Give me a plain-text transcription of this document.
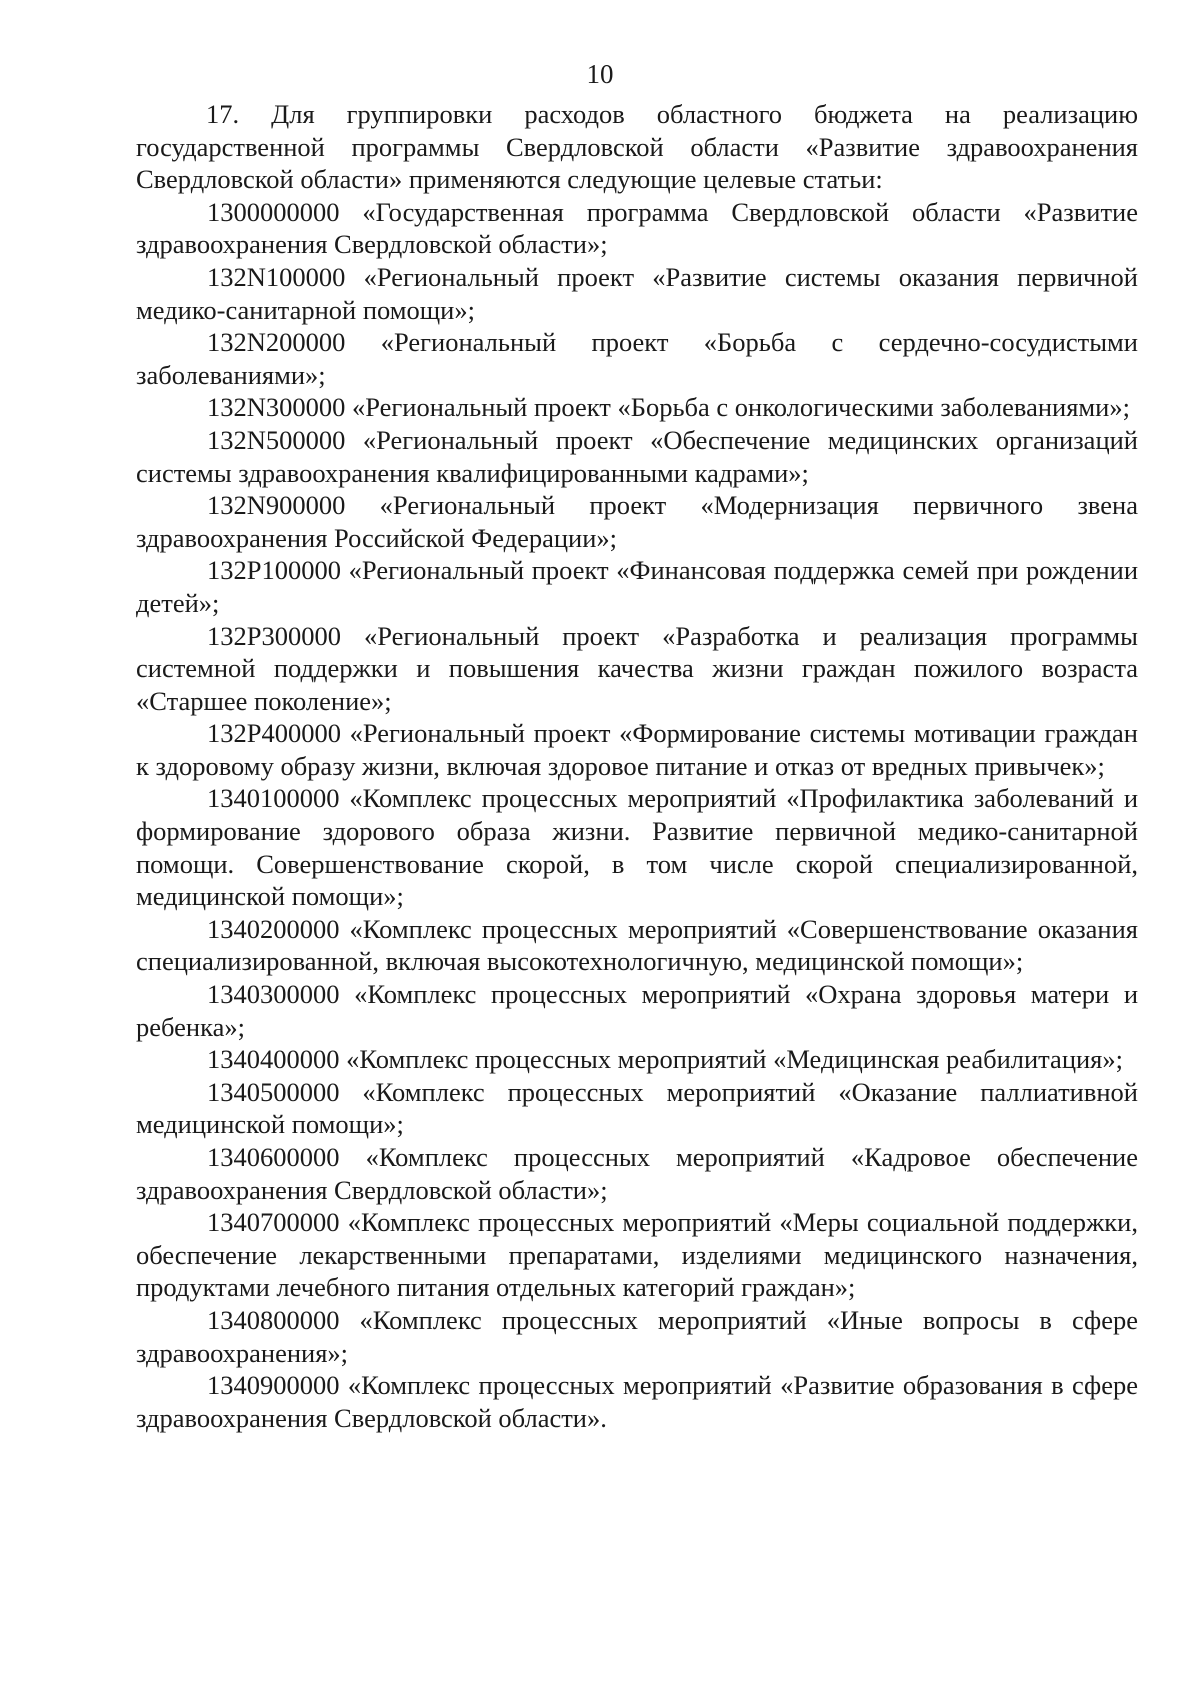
10

17. Для группировки расходов областного бюджета на реализацию государственной программы Свердловской области «Развитие здравоохранения Свердловской области» применяются следующие целевые статьи:

1300000000 «Государственная программа Свердловской области «Развитие здравоохранения Свердловской области»;

132N100000 «Региональный проект «Развитие системы оказания первичной медико-санитарной помощи»;

132N200000 «Региональный проект «Борьба с сердечно-сосудистыми заболеваниями»;

132N300000 «Региональный проект «Борьба с онкологическими заболеваниями»;

132N500000 «Региональный проект «Обеспечение медицинских организаций системы здравоохранения квалифицированными кадрами»;

132N900000 «Региональный проект «Модернизация первичного звена здравоохранения Российской Федерации»;

132P100000 «Региональный проект «Финансовая поддержка семей при рождении детей»;

132P300000 «Региональный проект «Разработка и реализация программы системной поддержки и повышения качества жизни граждан пожилого возраста «Старшее поколение»;

132P400000 «Региональный проект «Формирование системы мотивации граждан к здоровому образу жизни, включая здоровое питание и отказ от вредных привычек»;

1340100000 «Комплекс процессных мероприятий «Профилактика заболеваний и формирование здорового образа жизни. Развитие первичной медико-санитарной помощи. Совершенствование скорой, в том числе скорой специализированной, медицинской помощи»;

1340200000 «Комплекс процессных мероприятий «Совершенствование оказания специализированной, включая высокотехнологичную, медицинской помощи»;

1340300000 «Комплекс процессных мероприятий «Охрана здоровья матери и ребенка»;

1340400000 «Комплекс процессных мероприятий «Медицинская реабилитация»;

1340500000 «Комплекс процессных мероприятий «Оказание паллиативной медицинской помощи»;

1340600000 «Комплекс процессных мероприятий «Кадровое обеспечение здравоохранения Свердловской области»;

1340700000 «Комплекс процессных мероприятий «Меры социальной поддержки, обеспечение лекарственными препаратами, изделиями медицинского назначения, продуктами лечебного питания отдельных категорий граждан»;

1340800000 «Комплекс процессных мероприятий «Иные вопросы в сфере здравоохранения»;

1340900000 «Комплекс процессных мероприятий «Развитие образования в сфере здравоохранения Свердловской области».
